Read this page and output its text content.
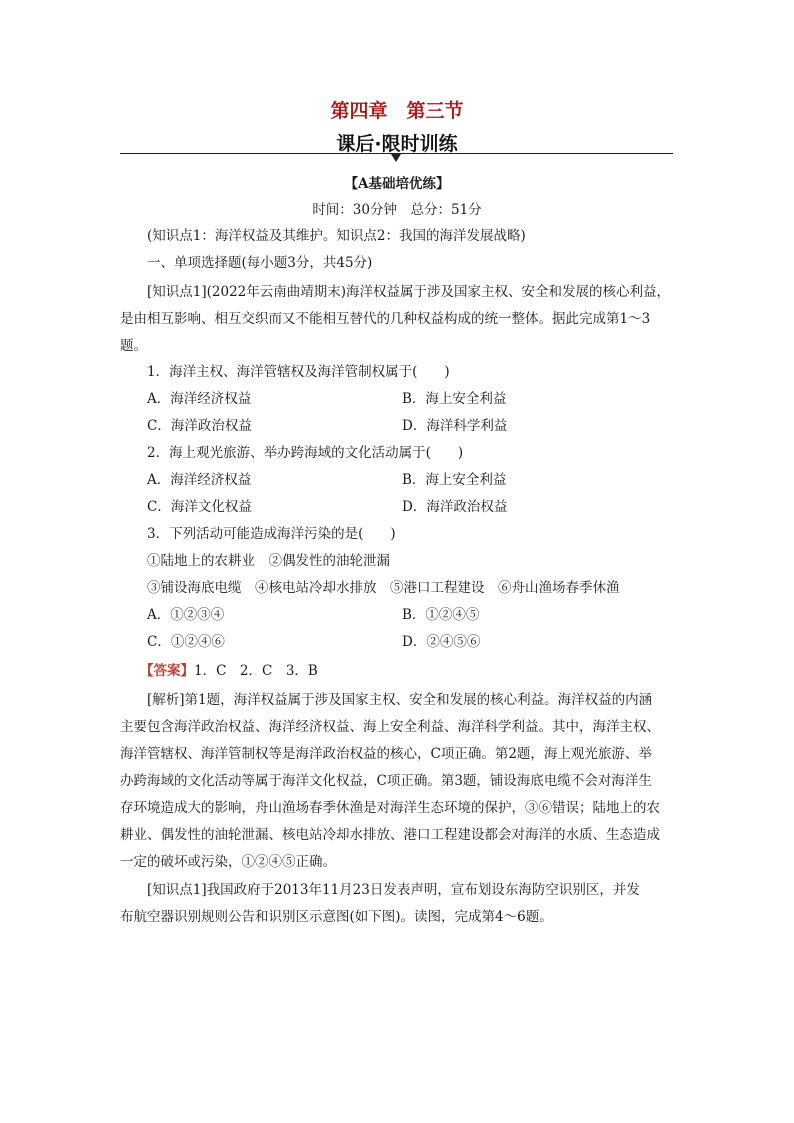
第四章　第三节
课后·限时训练
【A基础培优练】
时间：30分钟　总分：51分
(知识点1：海洋权益及其维护。知识点2：我国的海洋发展战略)
一、单项选择题(每小题3分，共45分)
[知识点1](2022年云南曲靖期末)海洋权益属于涉及国家主权、安全和发展的核心利益，
是由相互影响、相互交织而又不能相互替代的几种权益构成的统一整体。据此完成第1～3
题。
1．海洋主权、海洋管辖权及海洋管制权属于(　　)
A．海洋经济权益	B．海上安全利益
C．海洋政治权益	D．海洋科学利益
2．海上观光旅游、举办跨海域的文化活动属于(　　)
A．海洋经济权益	B．海上安全利益
C．海洋文化权益	D．海洋政治权益
3．下列活动可能造成海洋污染的是(　　)
①陆地上的农耕业　②偶发性的油轮泄漏
③铺设海底电缆　④核电站冷却水排放　⑤港口工程建设　⑥舟山渔场春季休渔
A．①②③④	B．①②④⑤
C．①②④⑥	D．②④⑤⑥
【答案】1．C　2．C　3．B
[解析]第1题，海洋权益属于涉及国家主权、安全和发展的核心利益。海洋权益的内涵
主要包含海洋政治权益、海洋经济权益、海上安全利益、海洋科学利益。其中，海洋主权、
海洋管辖权、海洋管制权等是海洋政治权益的核心，C项正确。第2题，海上观光旅游、举
办跨海域的文化活动等属于海洋文化权益，C项正确。第3题，铺设海底电缆不会对海洋生
存环境造成大的影响，舟山渔场春季休渔是对海洋生态环境的保护，③⑥错误；陆地上的农
耕业、偶发性的油轮泄漏、核电站冷却水排放、港口工程建设都会对海洋的水质、生态造成
一定的破坏或污染，①②④⑤正确。
[知识点1]我国政府于2013年11月23日发表声明，宣布划设东海防空识别区，并发
布航空器识别规则公告和识别区示意图(如下图)。读图，完成第4～6题。
